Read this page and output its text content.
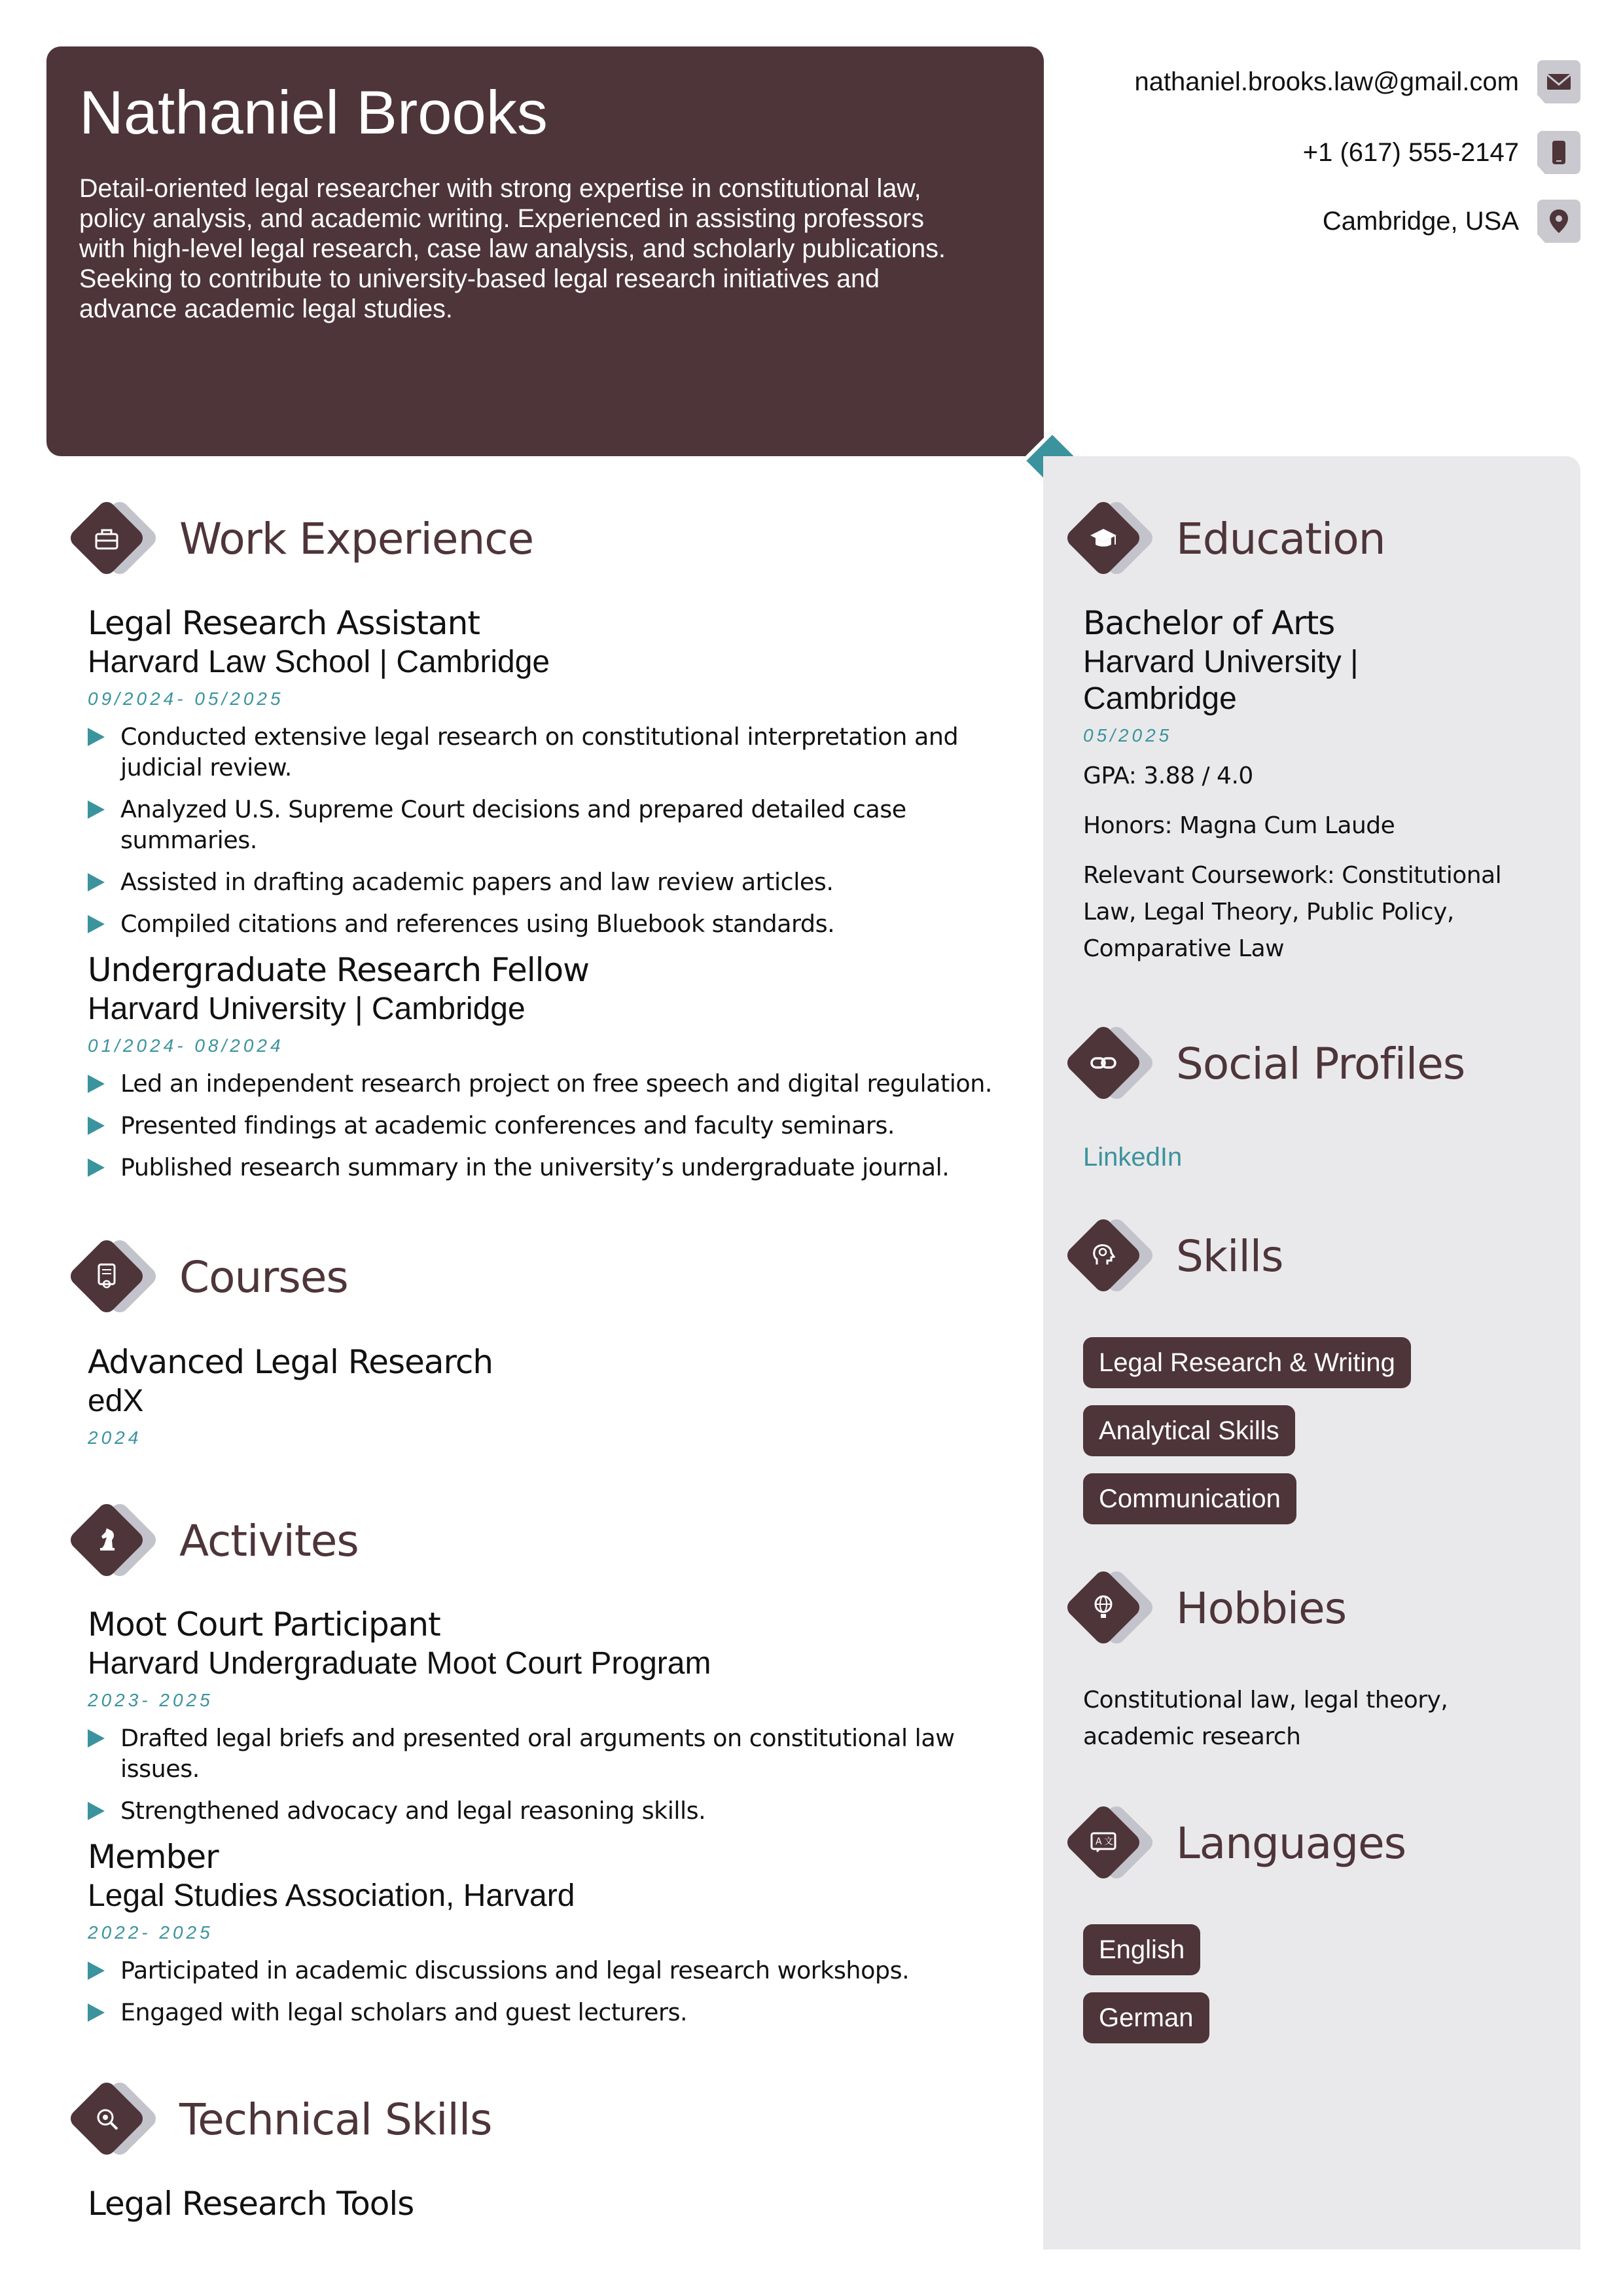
Nathaniel Brooks
Detail-oriented legal researcher with strong expertise in constitutional law, policy analysis, and academic writing. Experienced in assisting professors with high-level legal research, case law analysis, and scholarly publications. Seeking to contribute to university-based legal research initiatives and advance academic legal studies.
nathaniel.brooks.law@gmail.com
+1 (617) 555-2147
Cambridge, USA
Work Experience

Legal Research Assistant

Harvard Law School | Cambridge

09/2024- 05/2025
Conducted extensive legal research on constitutional interpretation and judicial review.
Analyzed U.S. Supreme Court decisions and prepared detailed case summaries.
Assisted in drafting academic papers and law review articles.
Compiled citations and references using Bluebook standards.

Undergraduate Research Fellow

Harvard University | Cambridge

01/2024- 08/2024
Led an independent research project on free speech and digital regulation.
Presented findings at academic conferences and faculty seminars.
Published research summary in the university’s undergraduate journal.
Courses

Advanced Legal Research

edX

2024
Activites

Moot Court Participant

Harvard Undergraduate Moot Court Program

2023- 2025
Drafted legal briefs and presented oral arguments on constitutional law issues.
Strengthened advocacy and legal reasoning skills.

Member

Legal Studies Association, Harvard

2022- 2025
Participated in academic discussions and legal research workshops.
Engaged with legal scholars and guest lecturers.
Technical Skills

Legal Research Tools

Education

Bachelor of Arts

Harvard University |

Cambridge

05/2025

GPA: 3.88 / 4.0

Honors: Magna Cum Laude

Relevant Coursework: Constitutional Law, Legal Theory, Public Policy, Comparative Law

Social Profiles
LinkedIn
Skills
Legal Research & Writing
Analytical Skills
Communication
Hobbies

Constitutional law, legal theory, academic research

A 文 Languages
English
German
